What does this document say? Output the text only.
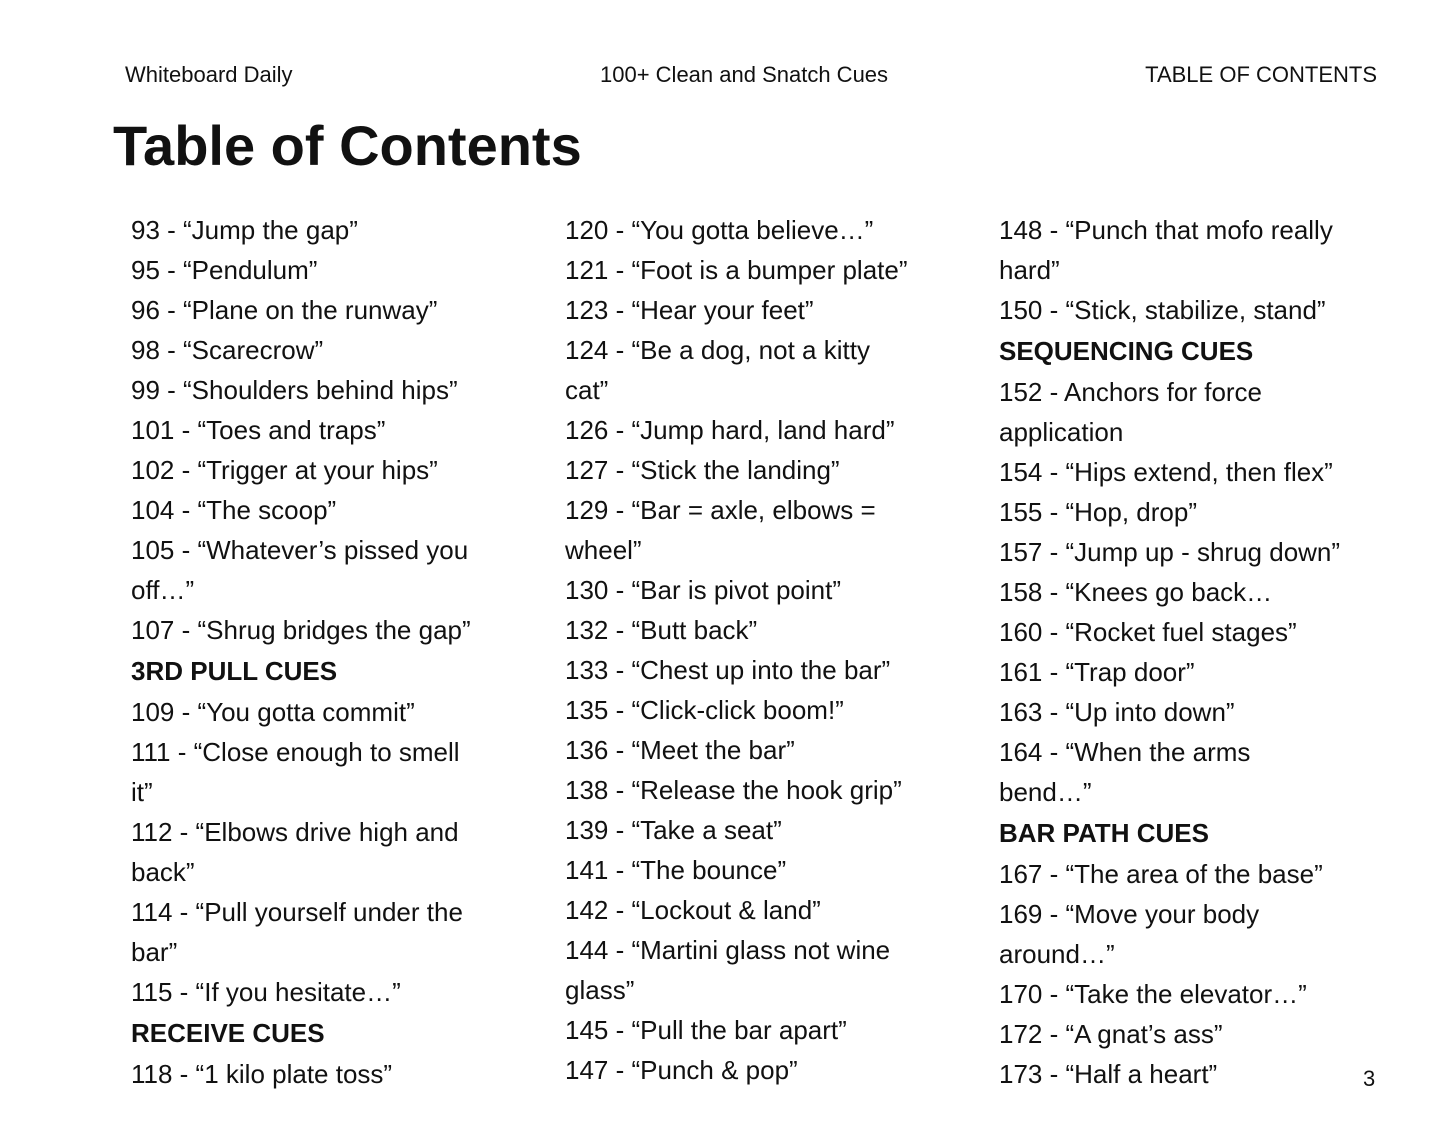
Whiteboard Daily	100+ Clean and Snatch Cues	TABLE OF CONTENTS
Table of Contents
93 - “Jump the gap”
95 - “Pendulum”
96 - “Plane on the runway”
98 - “Scarecrow”
99 - “Shoulders behind hips”
101 - “Toes and traps”
102 - “Trigger at your hips”
104 - “The scoop”
105 - “Whatever’s pissed you
off…”
107 - “Shrug bridges the gap”
3RD PULL CUES
109 - “You gotta commit”
111 - “Close enough to smell
it”
112 - “Elbows drive high and
back”
114 - “Pull yourself under the
bar”
115 - “If you hesitate…”
RECEIVE CUES
118 - “1 kilo plate toss”
120 - “You gotta believe…”
121 - “Foot is a bumper plate”
123 - “Hear your feet”
124 - “Be a dog, not a kitty
cat”
126 - “Jump hard, land hard”
127 - “Stick the landing”
129 - “Bar = axle, elbows =
wheel”
130 - “Bar is pivot point”
132 - “Butt back”
133 - “Chest up into the bar”
135 - “Click-click boom!”
136 - “Meet the bar”
138 - “Release the hook grip”
139 - “Take a seat”
141 - “The bounce”
142 - “Lockout & land”
144 - “Martini glass not wine
glass”
145 - “Pull the bar apart”
147 - “Punch & pop”
148 - “Punch that mofo really
hard”
150 - “Stick, stabilize, stand”
SEQUENCING CUES
152 - Anchors for force
application
154 - “Hips extend, then flex”
155 - “Hop, drop”
157 - “Jump up - shrug down”
158 - “Knees go back…
160 - “Rocket fuel stages”
161 - “Trap door”
163 - “Up into down”
164 - “When the arms
bend…”
BAR PATH CUES
167 - “The area of the base”
169 - “Move your body
around…”
170 - “Take the elevator…”
172 - “A gnat’s ass”
173 - “Half a heart”	3
